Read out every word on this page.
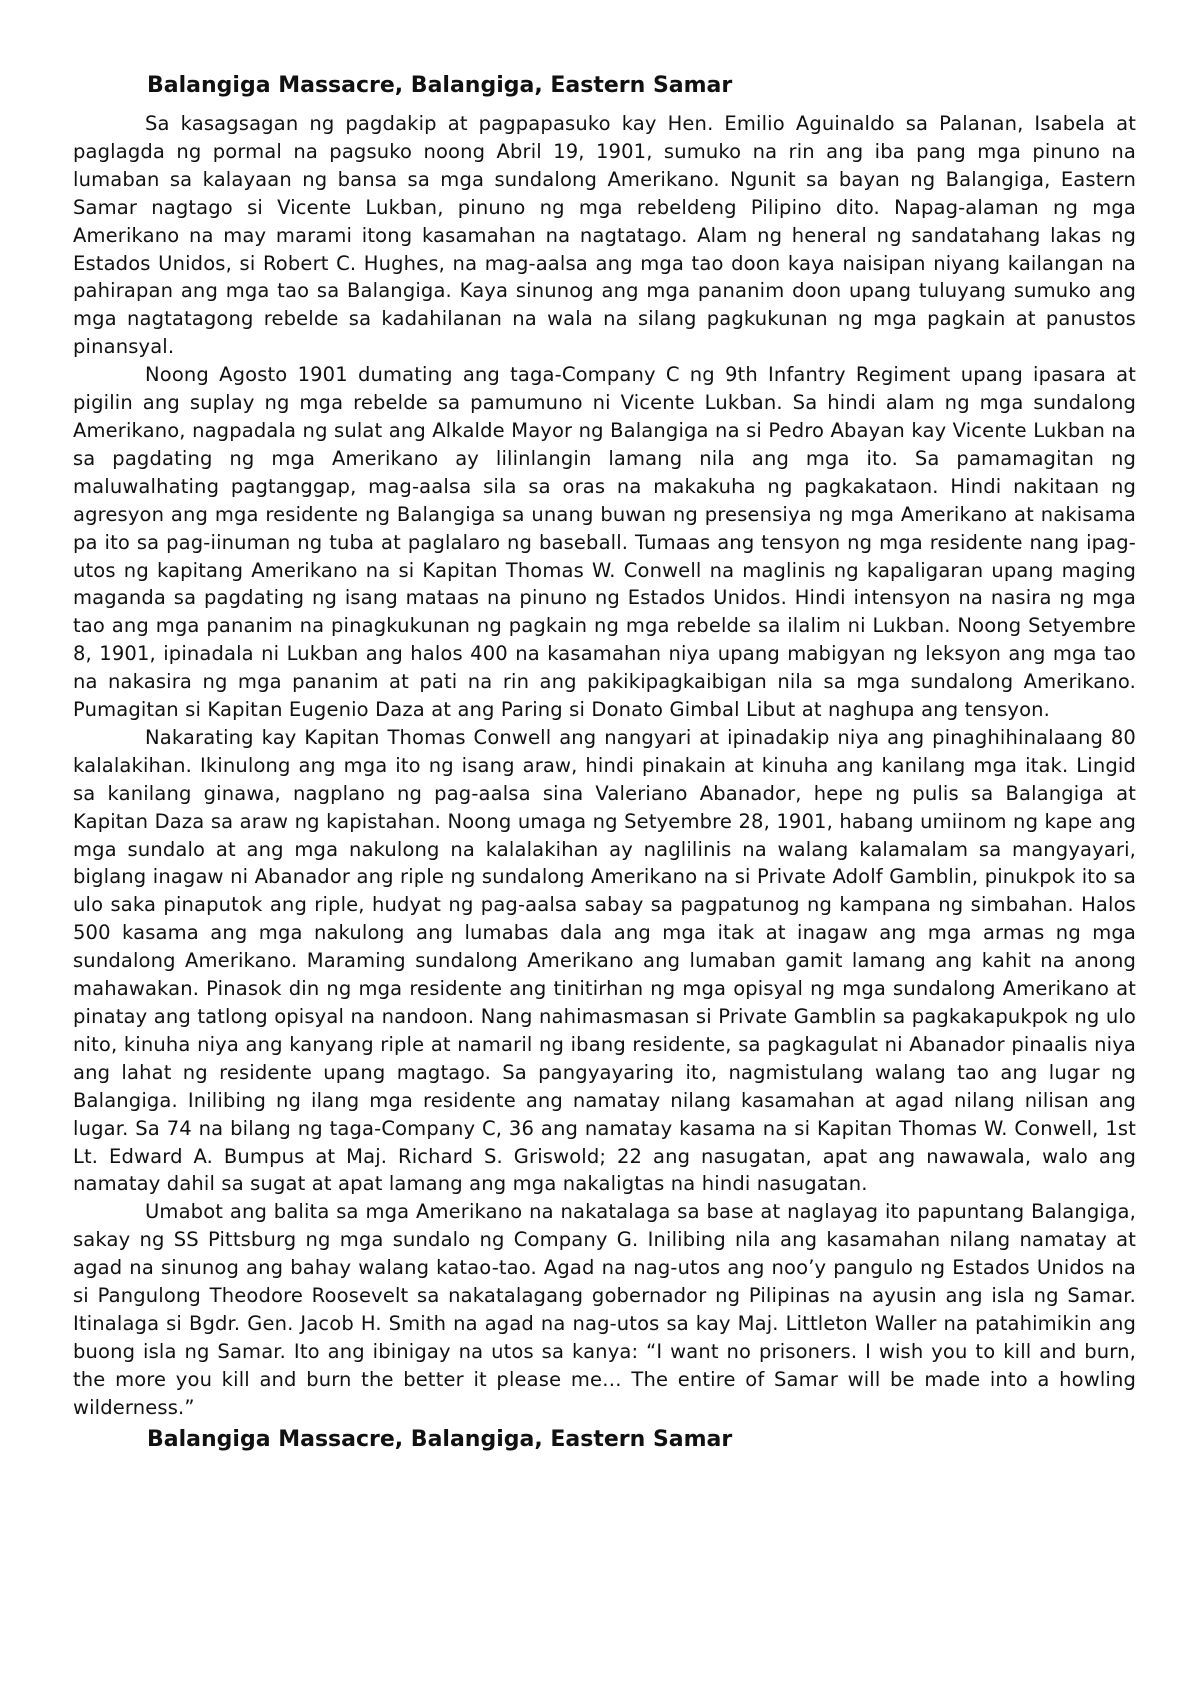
Balangiga Massacre, Balangiga, Eastern Samar

Sa kasagsagan ng pagdakip at pagpapasuko kay Hen. Emilio Aguinaldo sa Palanan, Isabela at paglagda ng pormal na pagsuko noong Abril 19, 1901, sumuko na rin ang iba pang mga pinuno na lumaban sa kalayaan ng bansa sa mga sundalong Amerikano. Ngunit sa bayan ng Balangiga, Eastern Samar nagtago si Vicente Lukban, pinuno ng mga rebeldeng Pilipino dito. Napag-alaman ng mga Amerikano na may marami itong kasamahan na nagtatago. Alam ng heneral ng sandatahang lakas ng Estados Unidos, si Robert C. Hughes, na mag-aalsa ang mga tao doon kaya naisipan niyang kailangan na pahirapan ang mga tao sa Balangiga. Kaya sinunog ang mga pananim doon upang tuluyang sumuko ang mga nagtatagong rebelde sa kadahilanan na wala na silang pagkukunan ng mga pagkain at panustos pinansyal.

Noong Agosto 1901 dumating ang taga-Company C ng 9th Infantry Regiment upang ipasara at pigilin ang suplay ng mga rebelde sa pamumuno ni Vicente Lukban. Sa hindi alam ng mga sundalong Amerikano, nagpadala ng sulat ang Alkalde Mayor ng Balangiga na si Pedro Abayan kay Vicente Lukban na sa pagdating ng mga Amerikano ay lilinlangin lamang nila ang mga ito. Sa pamamagitan ng maluwalhating pagtanggap, mag-aalsa sila sa oras na makakuha ng pagkakataon. Hindi nakitaan ng agresyon ang mga residente ng Balangiga sa unang buwan ng presensiya ng mga Amerikano at nakisama pa ito sa pag-iinuman ng tuba at paglalaro ng baseball. Tumaas ang tensyon ng mga residente nang ipag-utos ng kapitang Amerikano na si Kapitan Thomas W. Conwell na maglinis ng kapaligaran upang maging maganda sa pagdating ng isang mataas na pinuno ng Estados Unidos. Hindi intensyon na nasira ng mga tao ang mga pananim na pinagkukunan ng pagkain ng mga rebelde sa ilalim ni Lukban. Noong Setyembre 8, 1901, ipinadala ni Lukban ang halos 400 na kasamahan niya upang mabigyan ng leksyon ang mga tao na nakasira ng mga pananim at pati na rin ang pakikipagkaibigan nila sa mga sundalong Amerikano. Pumagitan si Kapitan Eugenio Daza at ang Paring si Donato Gimbal Libut at naghupa ang tensyon.

Nakarating kay Kapitan Thomas Conwell ang nangyari at ipinadakip niya ang pinaghihinalaang 80 kalalakihan. Ikinulong ang mga ito ng isang araw, hindi pinakain at kinuha ang kanilang mga itak. Lingid sa kanilang ginawa, nagplano ng pag-aalsa sina Valeriano Abanador, hepe ng pulis sa Balangiga at Kapitan Daza sa araw ng kapistahan. Noong umaga ng Setyembre 28, 1901, habang umiinom ng kape ang mga sundalo at ang mga nakulong na kalalakihan ay naglilinis na walang kalamalam sa mangyayari, biglang inagaw ni Abanador ang riple ng sundalong Amerikano na si Private Adolf Gamblin, pinukpok ito sa ulo saka pinaputok ang riple, hudyat ng pag-aalsa sabay sa pagpatunog ng kampana ng simbahan. Halos 500 kasama ang mga nakulong ang lumabas dala ang mga itak at inagaw ang mga armas ng mga sundalong Amerikano. Maraming sundalong Amerikano ang lumaban gamit lamang ang kahit na anong mahawakan. Pinasok din ng mga residente ang tinitirhan ng mga opisyal ng mga sundalong Amerikano at pinatay ang tatlong opisyal na nandoon. Nang nahimasmasan si Private Gamblin sa pagkakapukpok ng ulo nito, kinuha niya ang kanyang riple at namaril ng ibang residente, sa pagkagulat ni Abanador pinaalis niya ang lahat ng residente upang magtago. Sa pangyayaring ito, nagmistulang walang tao ang lugar ng Balangiga. Inilibing ng ilang mga residente ang namatay nilang kasamahan at agad nilang nilisan ang lugar. Sa 74 na bilang ng taga-Company C, 36 ang namatay kasama na si Kapitan Thomas W. Conwell, 1st Lt. Edward A. Bumpus at Maj. Richard S. Griswold; 22 ang nasugatan, apat ang nawawala, walo ang namatay dahil sa sugat at apat lamang ang mga nakaligtas na hindi nasugatan.

Umabot ang balita sa mga Amerikano na nakatalaga sa base at naglayag ito papuntang Balangiga, sakay ng SS Pittsburg ng mga sundalo ng Company G. Inilibing nila ang kasamahan nilang namatay at agad na sinunog ang bahay walang katao-tao. Agad na nag-utos ang noo’y pangulo ng Estados Unidos na si Pangulong Theodore Roosevelt sa nakatalagang gobernador ng Pilipinas na ayusin ang isla ng Samar. Itinalaga si Bgdr. Gen. Jacob H. Smith na agad na nag-utos sa kay Maj. Littleton Waller na patahimikin ang buong isla ng Samar. Ito ang ibinigay na utos sa kanya: “I want no prisoners. I wish you to kill and burn, the more you kill and burn the better it please me… The entire of Samar will be made into a howling wilderness.”

Balangiga Massacre, Balangiga, Eastern Samar
